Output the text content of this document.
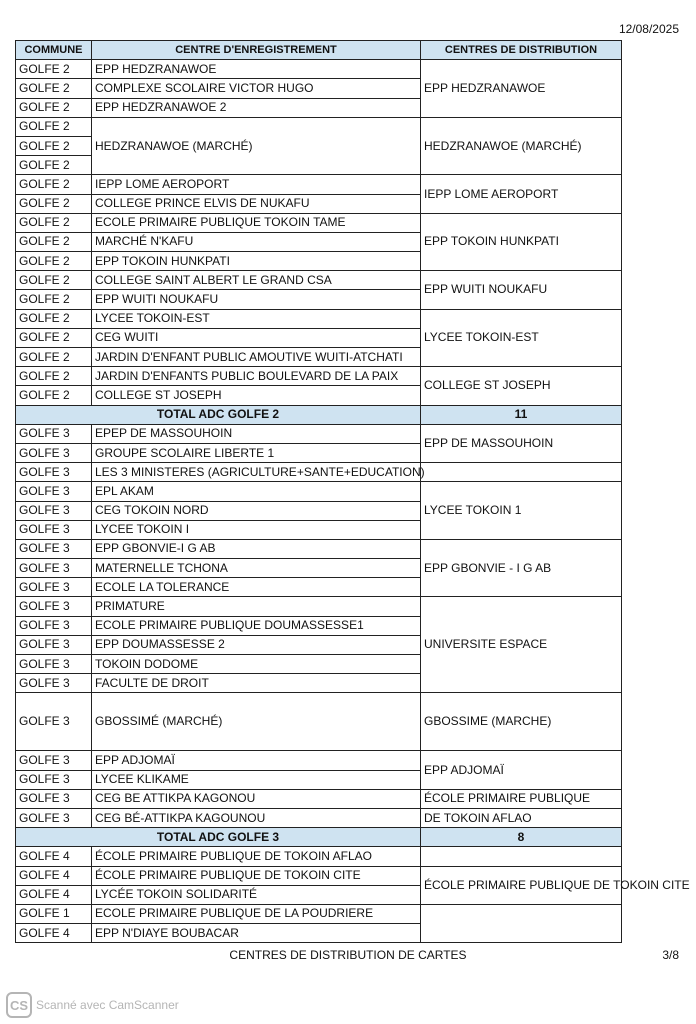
12/08/2025
COMMUNE	CENTRE D'ENREGISTREMENT	CENTRES DE DISTRIBUTION
GOLFE 2	EPP HEDZRANAWOE	EPP HEDZRANAWOE
GOLFE 2	COMPLEXE SCOLAIRE VICTOR HUGO	
GOLFE 2	EPP HEDZRANAWOE 2	
GOLFE 2	HEDZRANAWOE (MARCHÉ)	HEDZRANAWOE (MARCHÉ)
GOLFE 2		
GOLFE 2		
GOLFE 2	IEPP LOME AEROPORT	IEPP LOME AEROPORT
GOLFE 2	COLLEGE PRINCE ELVIS DE NUKAFU	
GOLFE 2	ECOLE PRIMAIRE PUBLIQUE TOKOIN TAME	EPP TOKOIN HUNKPATI
GOLFE 2	MARCHÉ N'KAFU	
GOLFE 2	EPP TOKOIN HUNKPATI	
GOLFE 2	COLLEGE SAINT ALBERT LE GRAND CSA	EPP WUITI NOUKAFU
GOLFE 2	EPP WUITI NOUKAFU	
GOLFE 2	LYCEE TOKOIN-EST	LYCEE TOKOIN-EST
GOLFE 2	CEG WUITI	
GOLFE 2	JARDIN D'ENFANT PUBLIC AMOUTIVE WUITI-ATCHATI	
GOLFE 2	JARDIN D'ENFANTS PUBLIC BOULEVARD DE LA PAIX	COLLEGE ST JOSEPH
GOLFE 2	COLLEGE ST JOSEPH	
TOTAL ADC GOLFE 2		11
GOLFE 3	EPEP DE MASSOUHOIN	EPP DE MASSOUHOIN
GOLFE 3	GROUPE SCOLAIRE LIBERTE 1	
GOLFE 3	LES 3 MINISTERES (AGRICULTURE+SANTE+EDUCATION)	
GOLFE 3	EPL AKAM	LYCEE TOKOIN 1
GOLFE 3	CEG TOKOIN NORD	
GOLFE 3	LYCEE TOKOIN I	
GOLFE 3	EPP GBONVIE-I G AB	EPP GBONVIE - I G AB
GOLFE 3	MATERNELLE TCHONA	
GOLFE 3	ECOLE LA TOLERANCE	
GOLFE 3	PRIMATURE	UNIVERSITE ESPACE
GOLFE 3	ECOLE PRIMAIRE PUBLIQUE DOUMASSESSE1	
GOLFE 3	EPP DOUMASSESSE 2	
GOLFE 3	TOKOIN DODOME	
GOLFE 3	FACULTE DE DROIT	
GOLFE 3	GBOSSIMÉ (MARCHÉ)	GBOSSIME (MARCHE)
GOLFE 3	EPP ADJOMAÏ	EPP ADJOMAÏ
GOLFE 3	LYCEE KLIKAME	
GOLFE 3	CEG BE ATTIKPA KAGONOU	ÉCOLE PRIMAIRE PUBLIQUE
GOLFE 3	CEG BÉ-ATTIKPA KAGOUNOU	DE TOKOIN AFLAO
TOTAL ADC GOLFE 3		8
GOLFE 4	ÉCOLE PRIMAIRE PUBLIQUE DE TOKOIN AFLAO	
GOLFE 4	ÉCOLE PRIMAIRE PUBLIQUE DE TOKOIN CITE	ÉCOLE PRIMAIRE PUBLIQUE DE TOKOIN CITE
GOLFE 4	LYCÉE TOKOIN SOLIDARITÉ	
GOLFE 1	ECOLE PRIMAIRE PUBLIQUE DE LA POUDRIERE	
GOLFE 4	EPP N'DIAYE BOUBACAR	
CENTRES DE DISTRIBUTION DE CARTES	3/8
CS Scanné avec CamScanner
